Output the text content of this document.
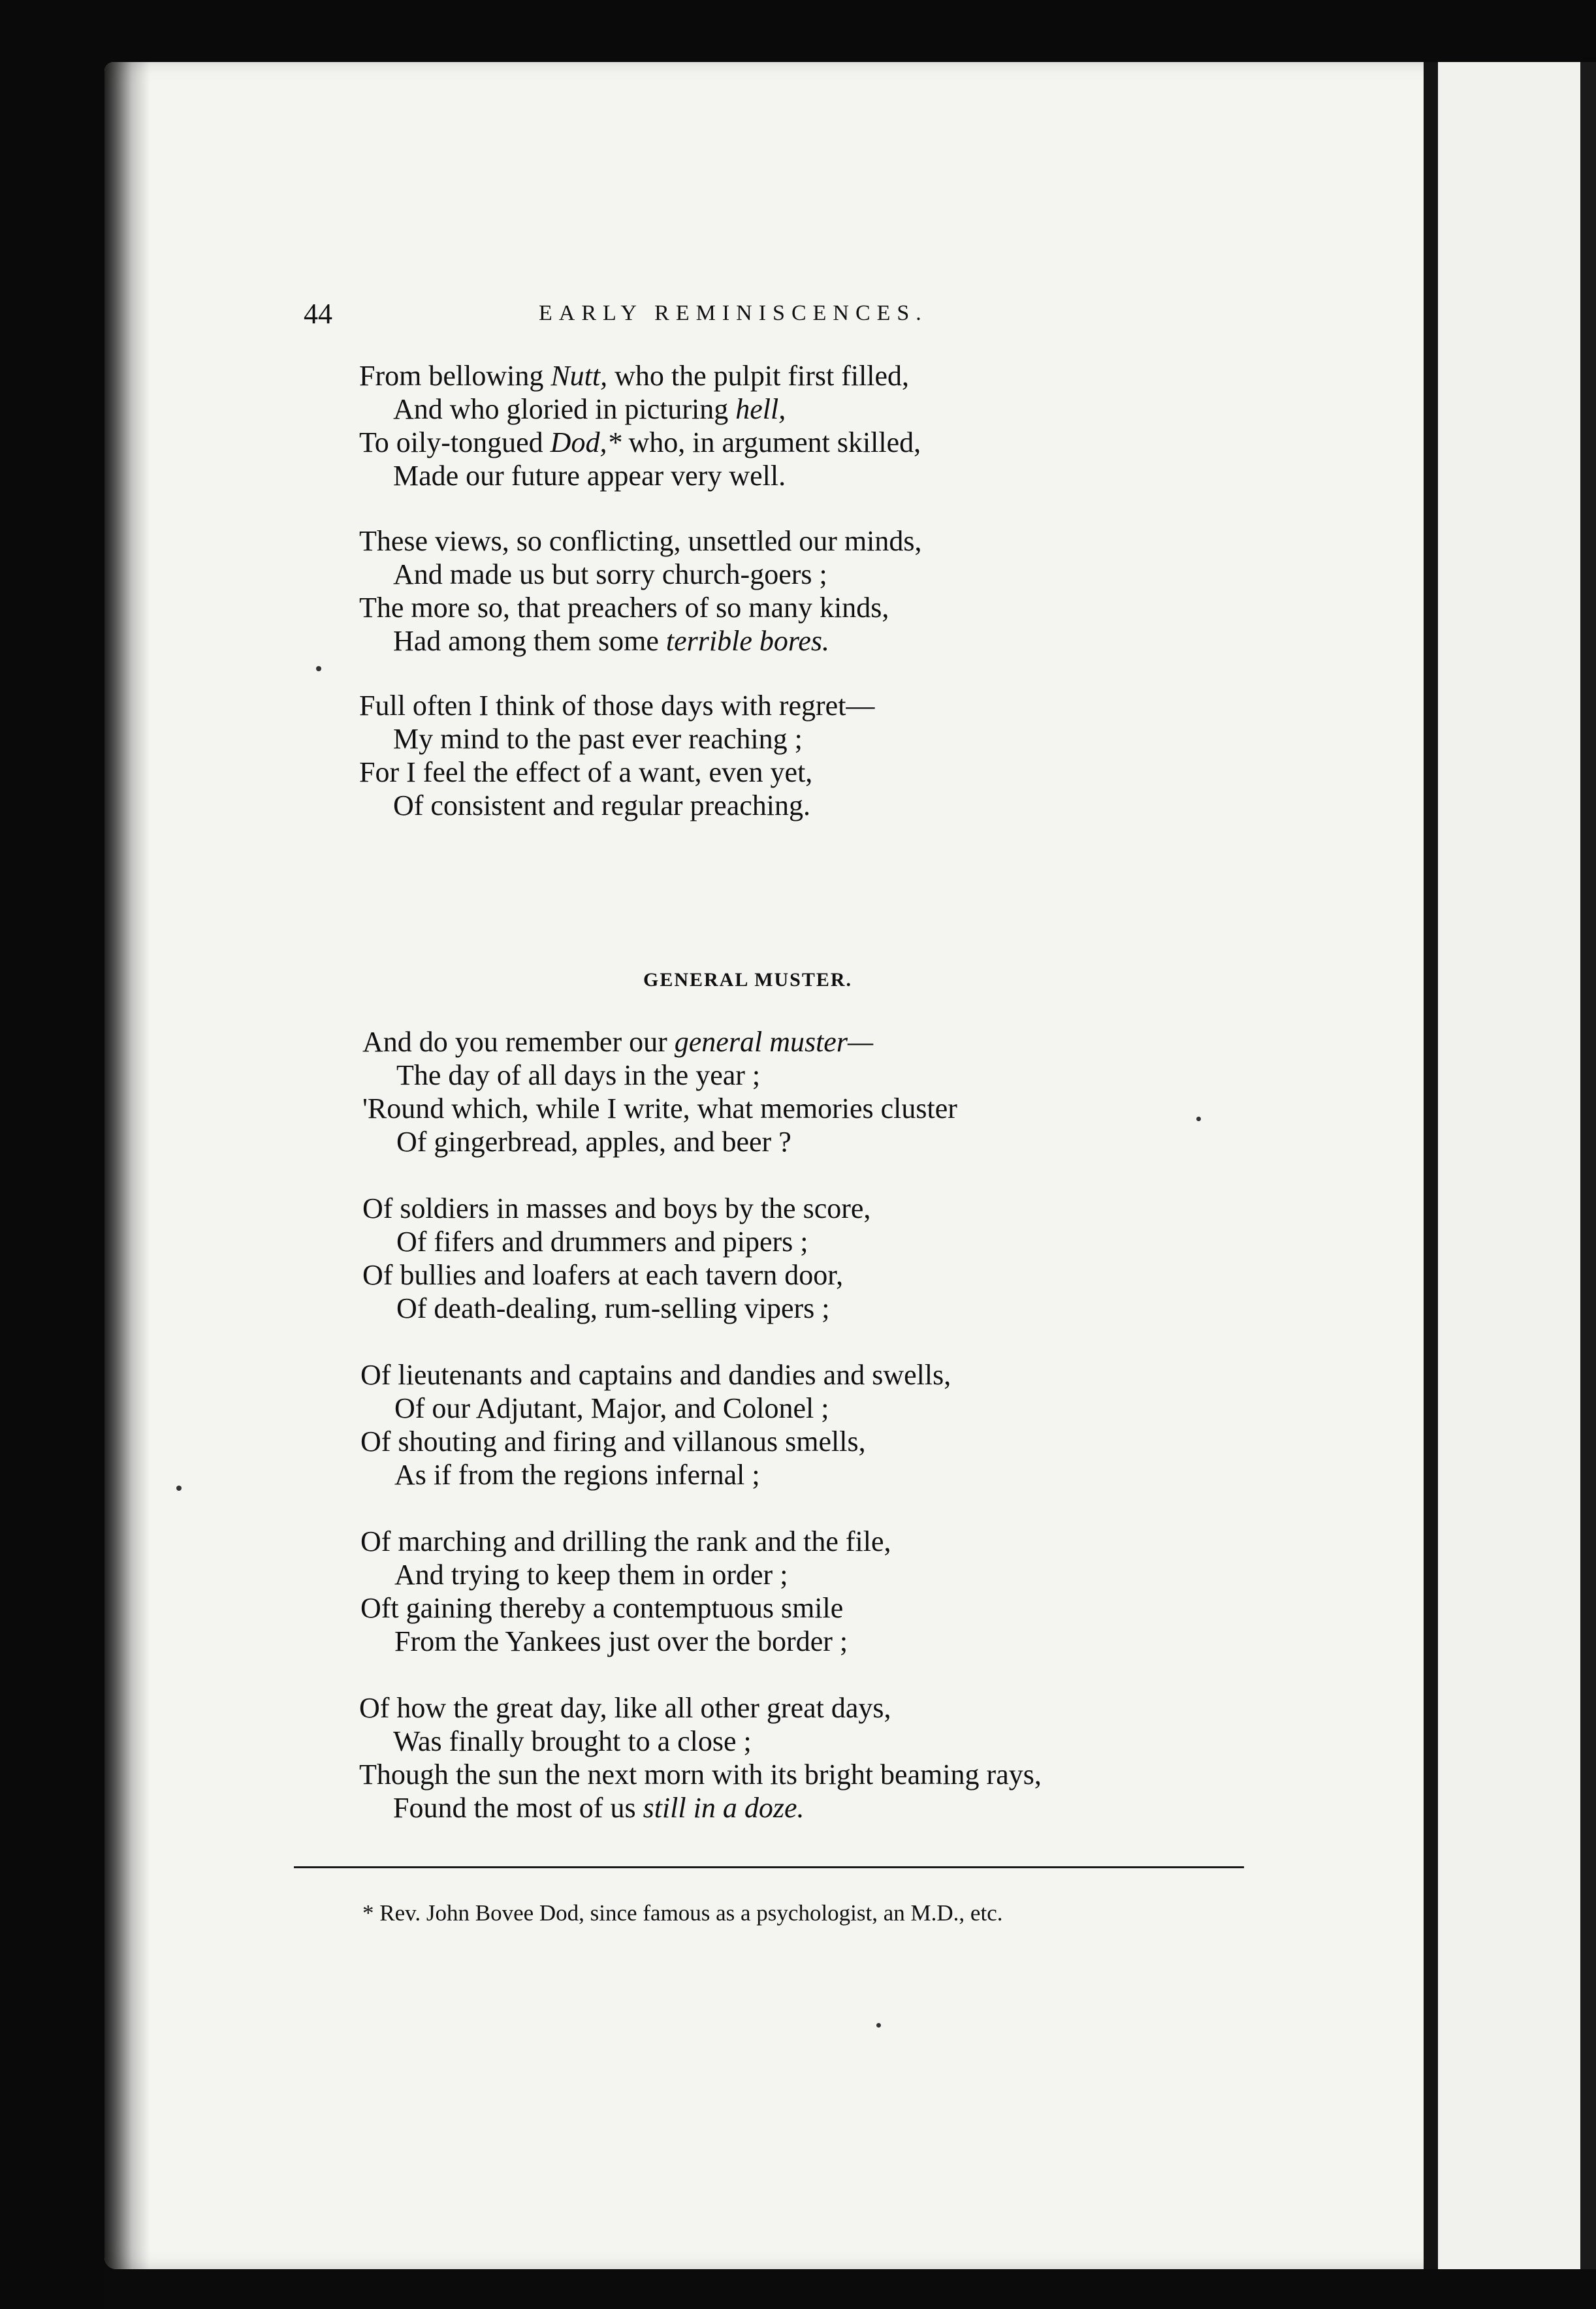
44	EARLY REMINISCENCES.
From bellowing Nutt, who the pulpit first filled,
And who gloried in picturing hell,
To oily-tongued Dod,* who, in argument skilled,
Made our future appear very well.
These views, so conflicting, unsettled our minds,
And made us but sorry church-goers ;
The more so, that preachers of so many kinds,
Had among them some terrible bores.
Full often I think of those days with regret—
My mind to the past ever reaching ;
For I feel the effect of a want, even yet,
Of consistent and regular preaching.
GENERAL MUSTER.
And do you remember our general muster—
The day of all days in the year ;
'Round which, while I write, what memories cluster
Of gingerbread, apples, and beer ?
Of soldiers in masses and boys by the score,
Of fifers and drummers and pipers ;
Of bullies and loafers at each tavern door,
Of death-dealing, rum-selling vipers ;
Of lieutenants and captains and dandies and swells,
Of our Adjutant, Major, and Colonel ;
Of shouting and firing and villanous smells,
As if from the regions infernal ;
Of marching and drilling the rank and the file,
And trying to keep them in order ;
Oft gaining thereby a contemptuous smile
From the Yankees just over the border ;
Of how the great day, like all other great days,
Was finally brought to a close ;
Though the sun the next morn with its bright beaming rays,
Found the most of us still in a doze.
* Rev. John Bovee Dod, since famous as a psychologist, an M.D., etc.
